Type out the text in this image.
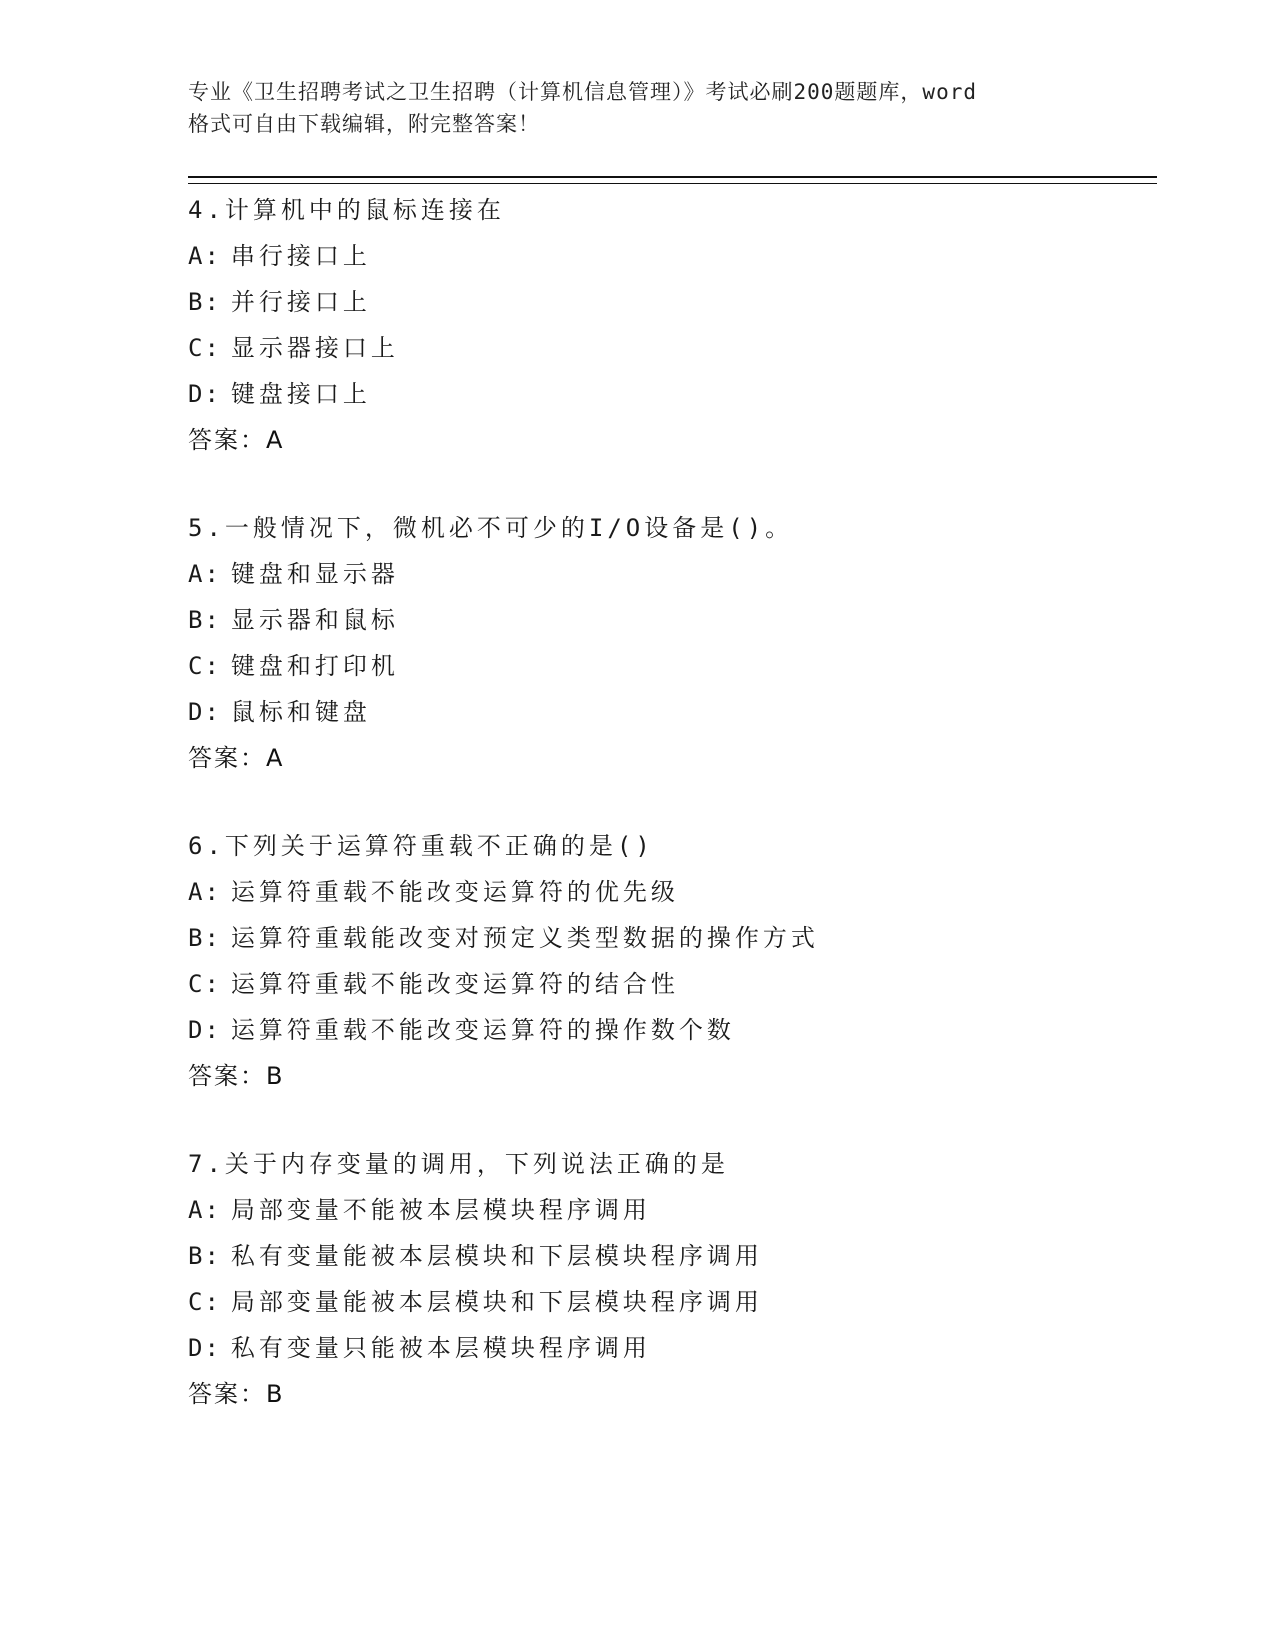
专业《卫生招聘考试之卫生招聘（计算机信息管理）》考试必刷200题题库，word
格式可自由下载编辑，附完整答案！
4.计算机中的鼠标连接在
A: 串行接口上
B: 并行接口上
C: 显示器接口上
D: 键盘接口上
答案：A
5.一般情况下，微机必不可少的I/O设备是()。
A: 键盘和显示器
B: 显示器和鼠标
C: 键盘和打印机
D: 鼠标和键盘
答案：A
6.下列关于运算符重载不正确的是()
A: 运算符重载不能改变运算符的优先级
B: 运算符重载能改变对预定义类型数据的操作方式
C: 运算符重载不能改变运算符的结合性
D: 运算符重载不能改变运算符的操作数个数
答案：B
7.关于内存变量的调用，下列说法正确的是
A: 局部变量不能被本层模块程序调用
B: 私有变量能被本层模块和下层模块程序调用
C: 局部变量能被本层模块和下层模块程序调用
D: 私有变量只能被本层模块程序调用
答案：B
